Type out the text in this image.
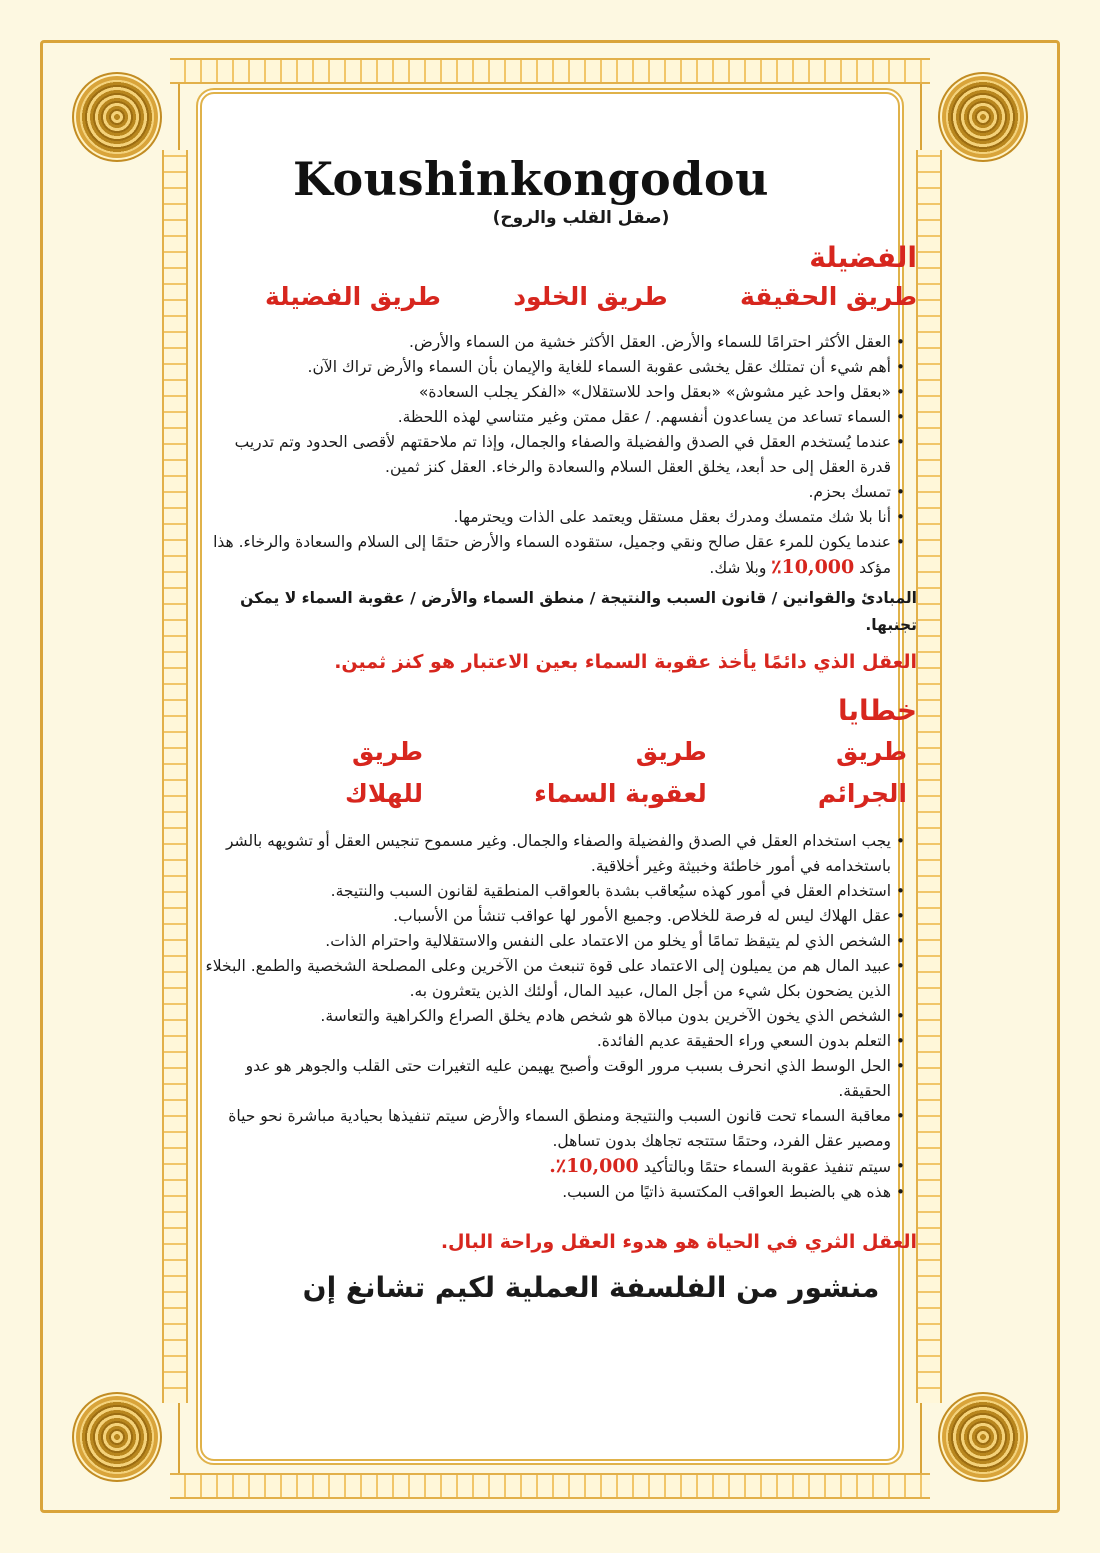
Koushinkongodou

(صقل القلب والروح)

الفضيلة
طريق الحقيقة
طريق الخلود
طريق الفضيلة
• العقل الأكثر احترامًا للسماء والأرض. العقل الأكثر خشية من السماء والأرض.
• أهم شيء أن تمتلك عقل يخشى عقوبة السماء للغاية والإيمان بأن السماء والأرض تراك الآن.
• «بعقل واحد غير مشوش» «بعقل واحد للاستقلال» «الفكر يجلب السعادة»
• السماء تساعد من يساعدون أنفسهم. / عقل ممتن وغير متناسي لهذه اللحظة.
• عندما يُستخدم العقل في الصدق والفضيلة والصفاء والجمال، وإذا تم ملاحقتهم لأقصى الحدود وتم تدريب قدرة العقل إلى حد أبعد، يخلق العقل السلام والسعادة والرخاء. العقل كنز ثمين.
• تمسك بحزم.
• أنا بلا شك متمسك ومدرك بعقل مستقل ويعتمد على الذات ويحترمها.
• عندما يكون للمرء عقل صالح ونقي وجميل، ستقوده السماء والأرض حتمًا إلى السلام والسعادة والرخاء. هذا مؤكد 10,000٪ وبلا شك.

المبادئ والقوانين / قانون السبب والنتيجة / منطق السماء والأرض / عقوبة السماء لا يمكن تجنبها.

العقل الذي دائمًا يأخذ عقوبة السماء بعين الاعتبار هو كنز ثمين.

خطايا
طريق
الجرائم
طريق
لعقوبة السماء
طريق
للهلاك
• يجب استخدام العقل في الصدق والفضيلة والصفاء والجمال. وغير مسموح تنجيس العقل أو تشويهه بالشر باستخدامه في أمور خاطئة وخبيثة وغير أخلاقية.
• استخدام العقل في أمور كهذه سيُعاقب بشدة بالعواقب المنطقية لقانون السبب والنتيجة.
• عقل الهلاك ليس له فرصة للخلاص. وجميع الأمور لها عواقب تنشأ من الأسباب.
• الشخص الذي لم يتيقظ تمامًا أو يخلو من الاعتماد على النفس والاستقلالية واحترام الذات.
• عبيد المال هم من يميلون إلى الاعتماد على قوة تنبعث من الآخرين وعلى المصلحة الشخصية والطمع. البخلاء الذين يضحون بكل شيء من أجل المال، عبيد المال، أولئك الذين يتعثرون به.
• الشخص الذي يخون الآخرين بدون مبالاة هو شخص هادم يخلق الصراع والكراهية والتعاسة.
• التعلم بدون السعي وراء الحقيقة عديم الفائدة.
• الحل الوسط الذي انحرف بسبب مرور الوقت وأصبح يهيمن عليه التغيرات حتى القلب والجوهر هو عدو الحقيقة.
• معاقبة السماء تحت قانون السبب والنتيجة ومنطق السماء والأرض سيتم تنفيذها بحيادية مباشرة نحو حياة ومصير عقل الفرد، وحتمًا ستتجه تجاهك بدون تساهل.
• سيتم تنفيذ عقوبة السماء حتمًا وبالتأكيد 10,000٪.
• هذه هي بالضبط العواقب المكتسبة ذاتيًا من السبب.

العقل الثري في الحياة هو هدوء العقل وراحة البال.

منشور من الفلسفة العملية لكيم تشانغ إن
